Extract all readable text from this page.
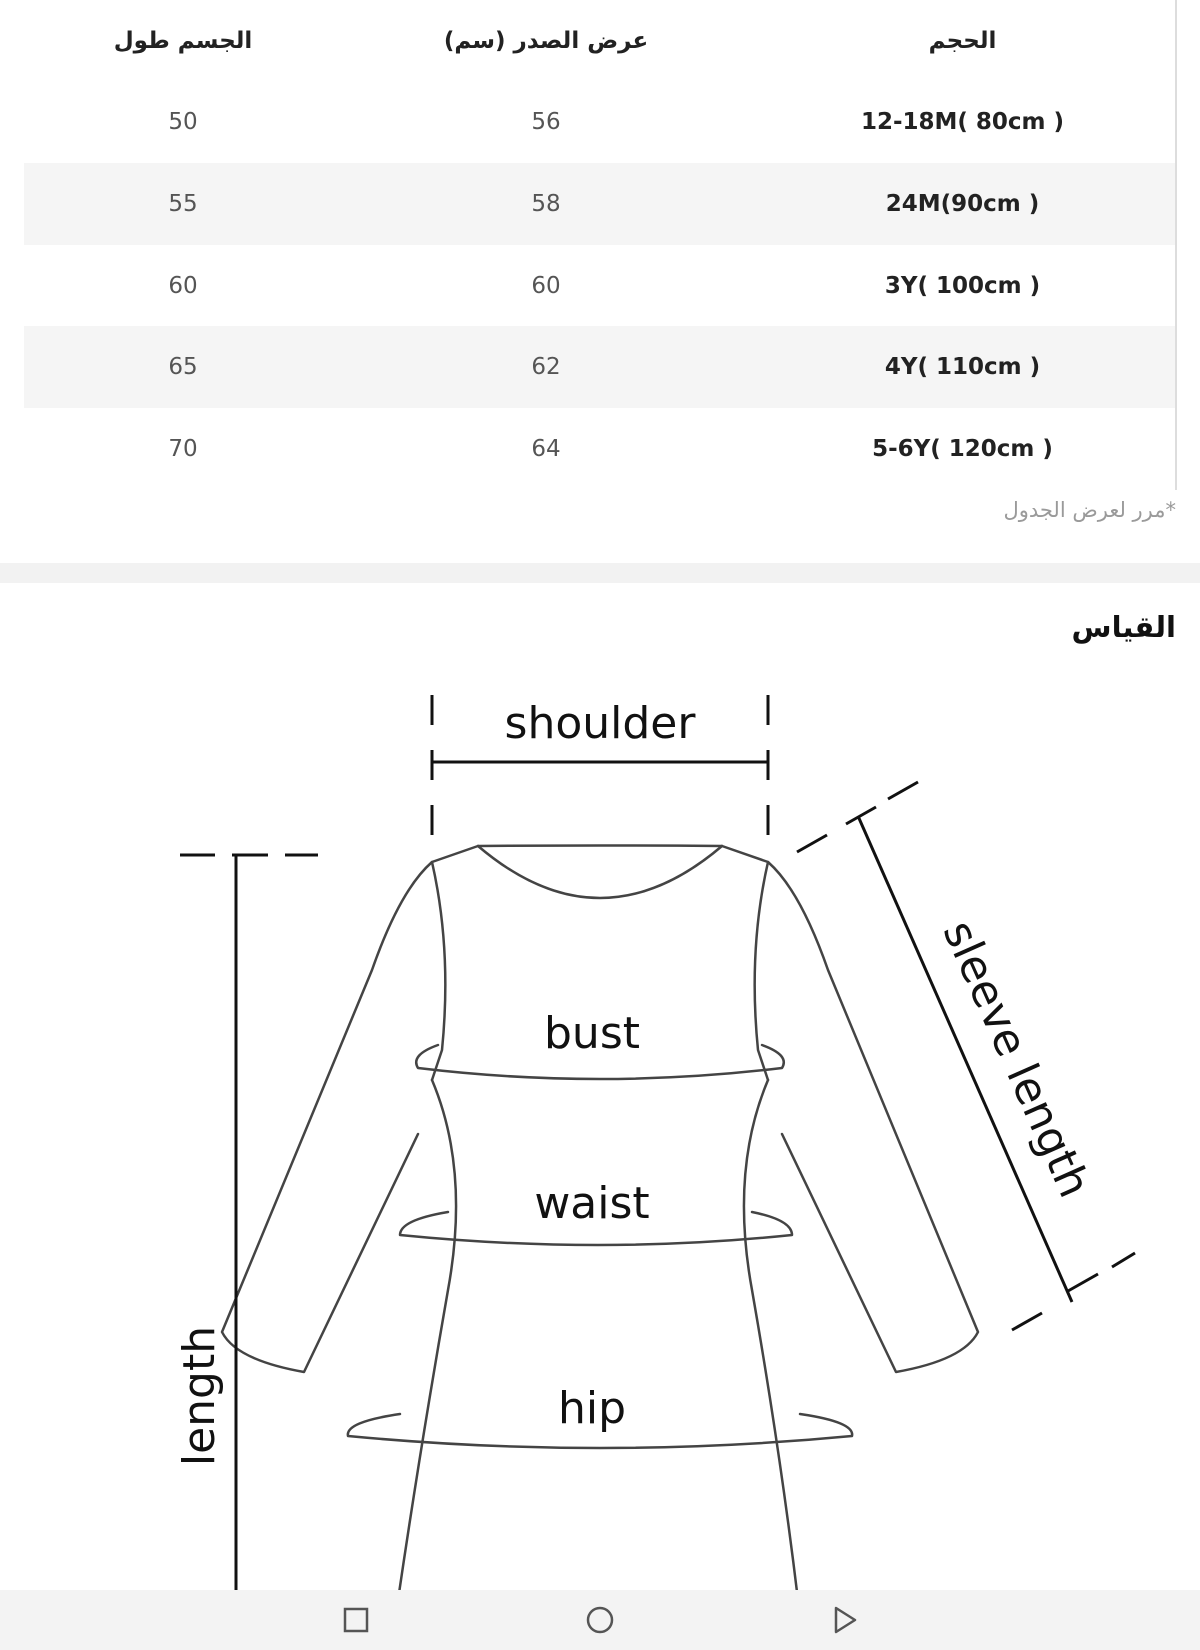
الجسم طول	عرض الصدر (سم)	الحجم
50	56	12-18M( 80cm )
55	58	24M(90cm )
60	60	3Y( 100cm )
65	62	4Y( 110cm )
70	64	5-6Y( 120cm )
*مرر لعرض الجدول
القياس
shoulder
bust
waist
hip
length
sleeve length
